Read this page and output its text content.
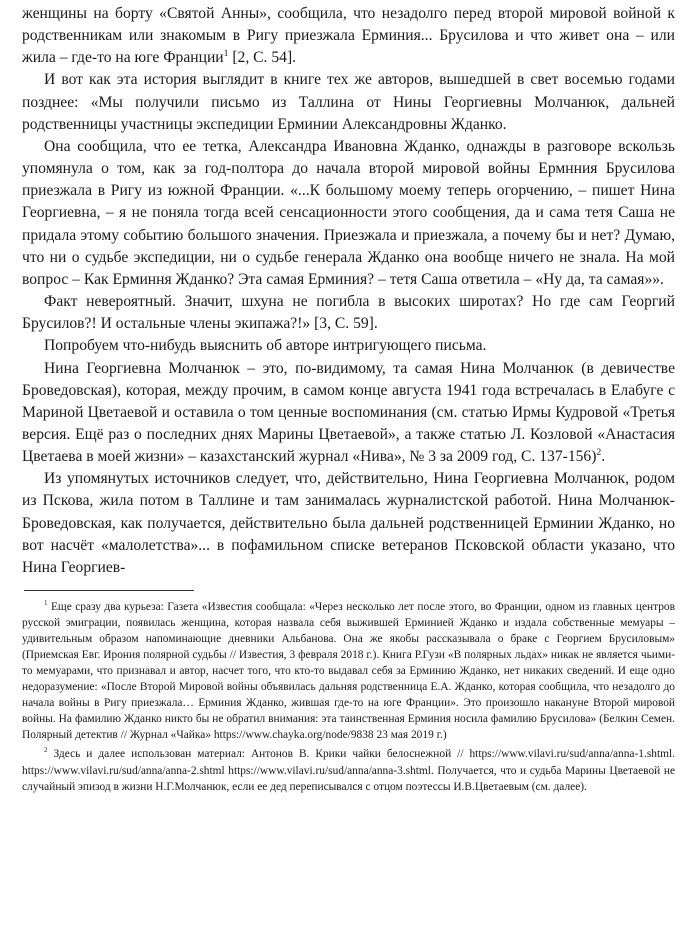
женщины на борту «Святой Анны», сообщила, что незадолго перед второй мировой войной к родственникам или знакомым в Ригу приезжала Ерминия... Брусилова и что живет она – или жила – где-то на юге Франции$^1$ [2, С. 54].

И вот как эта история выглядит в книге тех же авторов, вышедшей в свет восемью годами позднее: «Мы получили письмо из Таллина от Нины Георгиевны Молчанюк, дальней родственницы участницы экспедиции Ерминии Александровны Жданко.

Она сообщила, что ее тетка, Александра Ивановна Жданко, однажды в разговоре вскользь упомянула о том, как за год-полтора до начала второй мировой войны Ермнния Брусилова приезжала в Ригу из южной Франции. «...К большому моему теперь огорчению, – пишет Нина Георгиевна, – я не поняла тогда всей сенсационности этого сообщения, да и сама тетя Саша не придала этому событию большого значения. Приезжала и приезжала, а почему бы и нет? Думаю, что ни о судьбе экспедиции, ни о судьбе генерала Жданко она вообще ничего не знала. На мой вопрос – Как Ерминня Жданко? Эта самая Ерминия? – тетя Саша ответила – «Ну да, та самая»».

Факт невероятный. Значит, шхуна не погибла в высоких широтах? Но где сам Георгий Брусилов?! И остальные члены экипажа?!» [3, С. 59].

Попробуем что-нибудь выяснить об авторе интригующего письма.

Нина Георгиевна Молчанюк – это, по-видимому, та самая Нина Молчанюк (в девичестве Броведовская), которая, между прочим, в самом конце августа 1941 года встречалась в Елабуге с Мариной Цветаевой и оставила о том ценные воспоминания (см. статью Ирмы Кудровой «Третья версия. Ещё раз о последних днях Марины Цветаевой», а также статью Л. Козловой «Анастасия Цветаева в моей жизни» – казахстанский журнал «Нива», № 3 за 2009 год, С. 137-156)$^2$.

Из упомянутых источников следует, что, действительно, Нина Георгиевна Молчанюк, родом из Пскова, жила потом в Таллине и там занималась журналистской работой. Нина Молчанюк-Броведовская, как получается, действительно была дальней родственницей Ерминии Жданко, но вот насчёт «малолетства»... в пофамильном списке ветеранов Псковской области указано, что Нина Георгиев-

$^1$ Еще сразу два курьеза: Газета «Известия сообщала: «Через несколько лет после этого, во Франции, одном из главных центров русской эмиграции, появилась женщина, которая назвала себя выжившей Ерминией Жданко и издала собственные мемуары – удивительным образом напоминающие дневники Альбанова. Она же якобы рассказывала о браке с Георгием Брусиловым» (Приемская Евг. Ирония полярной судьбы // Известия, 3 февраля 2018 г.). Книга Р.Гузи «В полярных льдах» никак не является чьими-то мемуарами, что признавал и автор, насчет того, что кто-то выдавал себя за Ерминию Жданко, нет никаких сведений. И еще одно недоразумение: «После Второй Мировой войны объявилась дальняя родственница Е.А. Жданко, которая сообщила, что незадолго до начала войны в Ригу приезжала… Ерминия Жданко, жившая где-то на юге Франции». Это произошло накануне Второй мировой войны. На фамилию Жданко никто бы не обратил внимания: эта таинственная Ерминия носила фамилию Брусилова» (Белкин Семен. Полярный детектив // Журнал «Чайка» https://www.chayka.org/node/9838 23 мая 2019 г.)

$^2$ Здесь и далее использован материал: Антонов В. Крики чайки белоснежной // https://www.vilavi.ru/sud/anna/anna-1.shtml. https://www.vilavi.ru/sud/anna/anna-2.shtml https://www.vilavi.ru/sud/anna/anna-3.shtml. Получается, что и судьба Марины Цветаевой не случайный эпизод в жизни Н.Г.Молчанюк, если ее дед переписывался с отцом поэтессы И.В.Цветаевым (см. далее).
